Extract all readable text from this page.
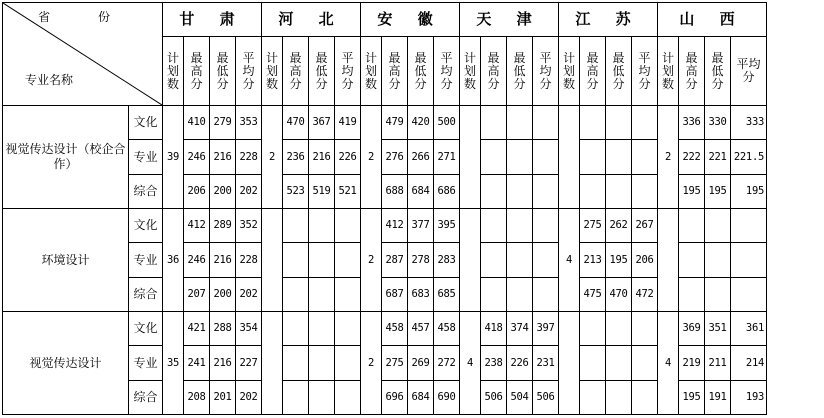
省 份
专业名称		甘 肃				河 北				安 徽				天 津				江 苏				山 西			
		计划数	最高分	最低分	平均分	计划数	最高分	最低分	平均分	计划数	最高分	最低分	平均分	计划数	最高分	最低分	平均分	计划数	最高分	最低分	平均分	计划数	最高分	最低分	平均分
视觉传达设计（校企合作）	文化	39	410	279	353	2	470	367	419	2	479	420	500									2	336	330	333
	专业		246	216	228		236	216	226		276	266	271										222	221	221.5
	综合		206	200	202		523	519	521		688	684	686										195	195	195
环境设计	文化	36	412	289	352					2	412	377	395					4	275	262	267				
	专业		246	216	228						287	278	283						213	195	206				
	综合		207	200	202						687	683	685						475	470	472				
视觉传达设计	文化	35	421	288	354					2	458	457	458	4	418	374	397					4	369	351	361
	专业		241	216	227						275	269	272		238	226	231						219	211	214
	综合		208	201	202						696	684	690		506	504	506						195	191	193
